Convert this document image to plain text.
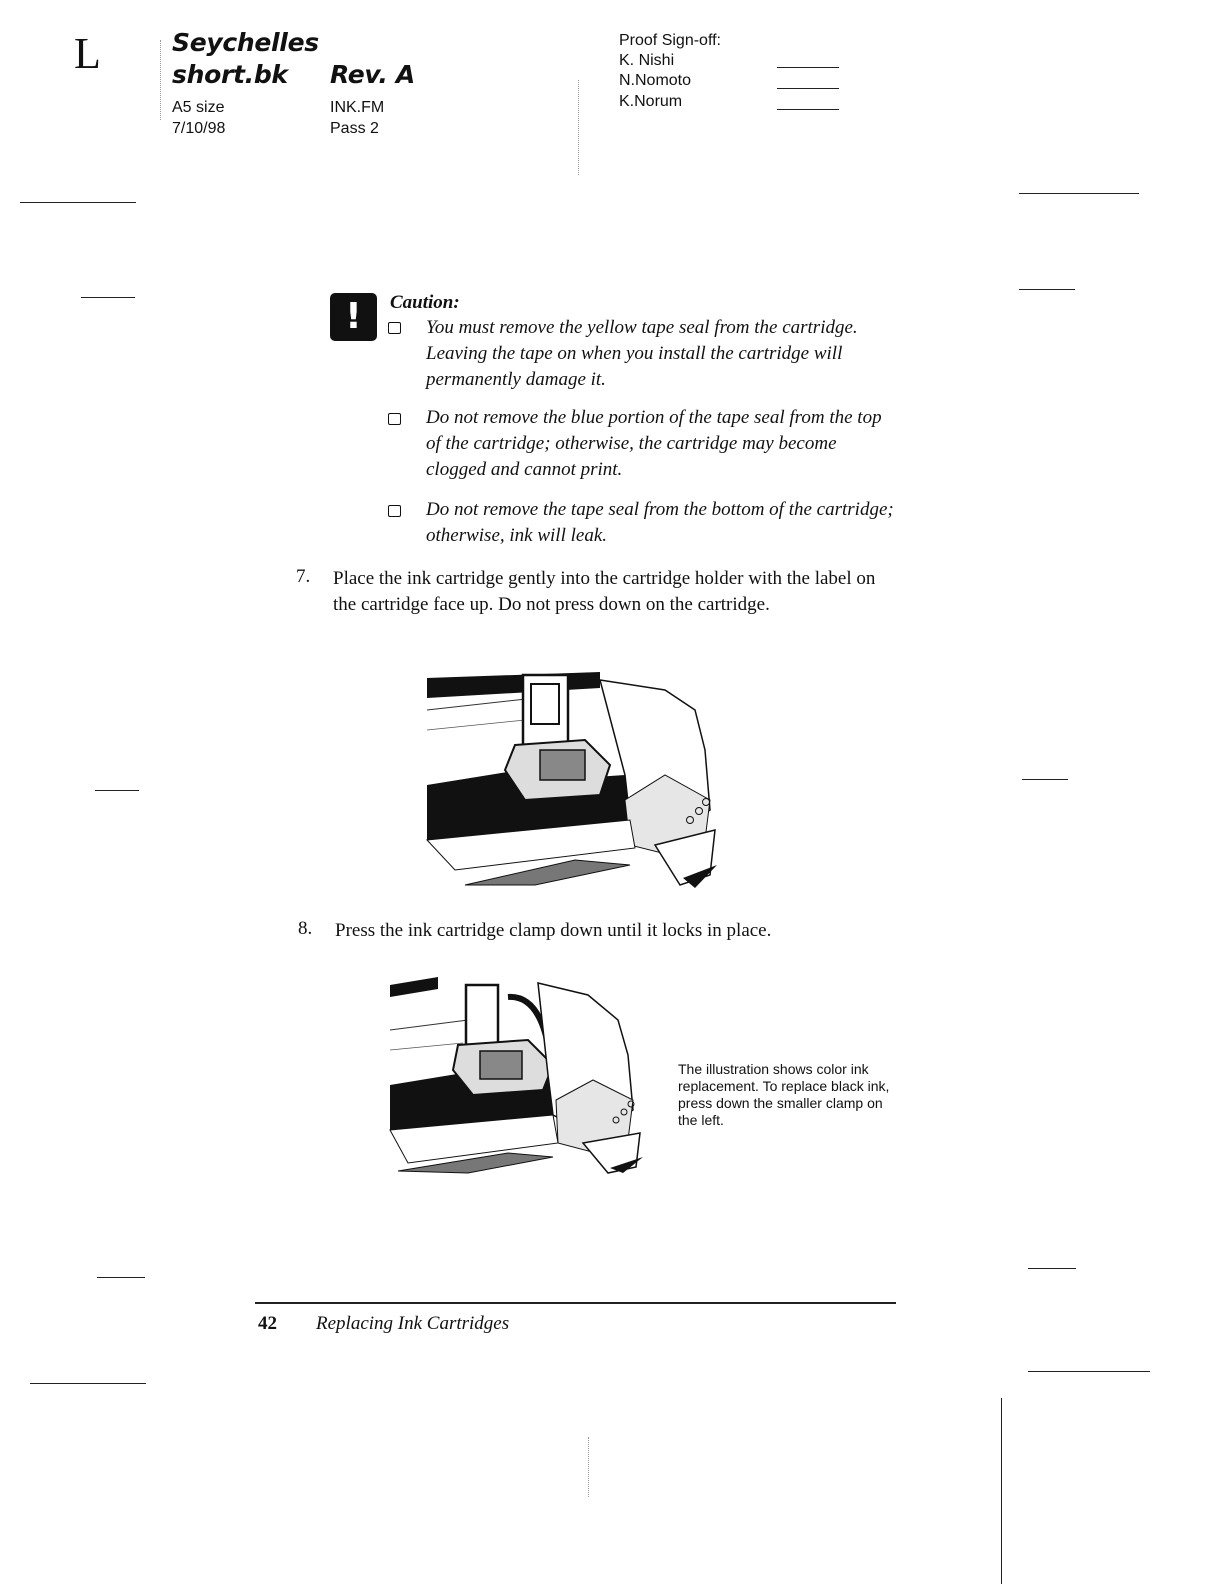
L	Seychelles
short.bk Rev. A
A5 size
7/10/98
INK.FM
Pass 2
Proof Sign-off:
K. Nishi
N.Nomoto
K.Norum
! Caution:
You must remove the yellow tape seal from the cartridge. Leaving the tape on when you install the cartridge will permanently damage it.
Do not remove the blue portion of the tape seal from the top of the cartridge; otherwise, the cartridge may become clogged and cannot print.
Do not remove the tape seal from the bottom of the cartridge; otherwise, ink will leak.
7. Place the ink cartridge gently into the cartridge holder with the label on the cartridge face up. Do not press down on the cartridge.
8. Press the ink cartridge clamp down until it locks in place.
The illustration shows color ink replacement. To replace black ink, press down the smaller clamp on the left.
42 Replacing Ink Cartridges
